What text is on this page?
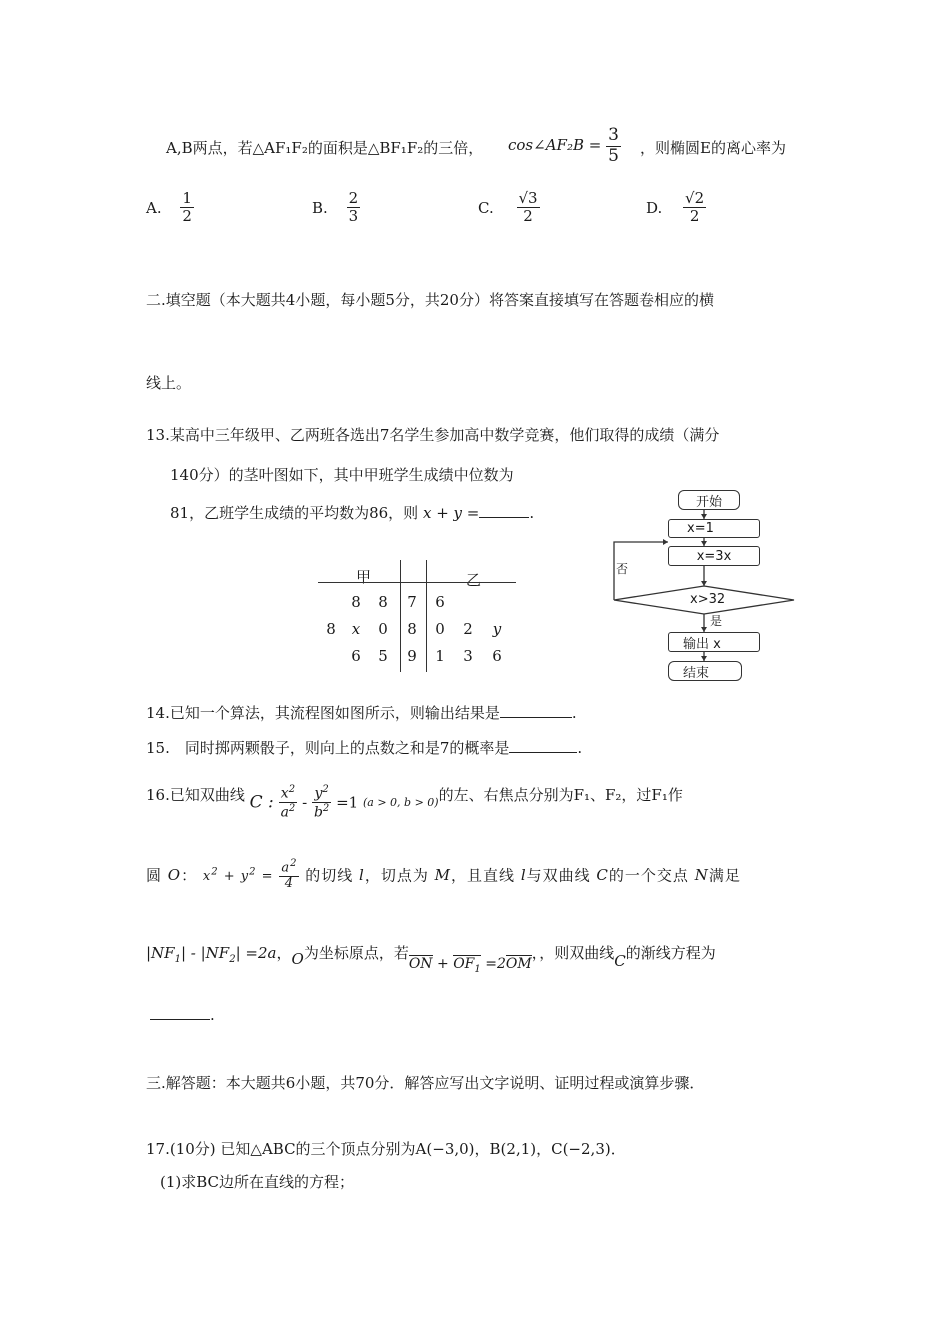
A,B两点，若△AF₁F₂的面积是△BF₁F₂的三倍， cos∠AF₂B = $\frac{3}{5}$ ，则椭圆E的离心率为
A. $\frac{1}{2}$	B. $\frac{2}{3}$	C. $\frac{√3}{2}$	D. $\frac{√2}{2}$
二.填空题（本大题共4小题，每小题5分，共20分）将答案直接填写在答题卷相应的横
线上。
13.某高中三年级甲、乙两班各选出7名学生参加高中数学竞赛，他们取得的成绩（满分
140分）的茎叶图如下，其中甲班学生成绩中位数为
81，乙班学生成绩的平均数为86，则 x + y =	.
甲	乙
	8	8	7	6		
8	x	0	8	0	2	y
	6	5	9	1	3	6
开始
x=1
x=3x
x>32
否
是
输出 x
结束
14.已知一个算法，其流程图如图所示，则输出结果是	.
15.　同时掷两颗骰子，则向上的点数之和是7的概率是	.
16.已知双曲线 C : $\frac{x^2}{a^2} - \frac{y^2}{b^2} =1$ (a > 0, b > 0)的左、右焦点分别为F₁、F₂，过F₁作
圆 O： $x^2 + y^2 = \frac{a^2}{4}$ 的切线 l，切点为 M，且直线 l与双曲线 C的一个交点 N满足
$|NF_1| - |NF_2| =2a$，O为坐标原点，若ON + $OF_1 =2OM$，，则双曲线C的渐线方程为
.
三.解答题：本大题共6小题，共70分．解答应写出文字说明、证明过程或演算步骤．
17.(10分) 已知△ABC的三个顶点分别为A(−3,0)，B(2,1)，C(−2,3)．
(1)求BC边所在直线的方程；
